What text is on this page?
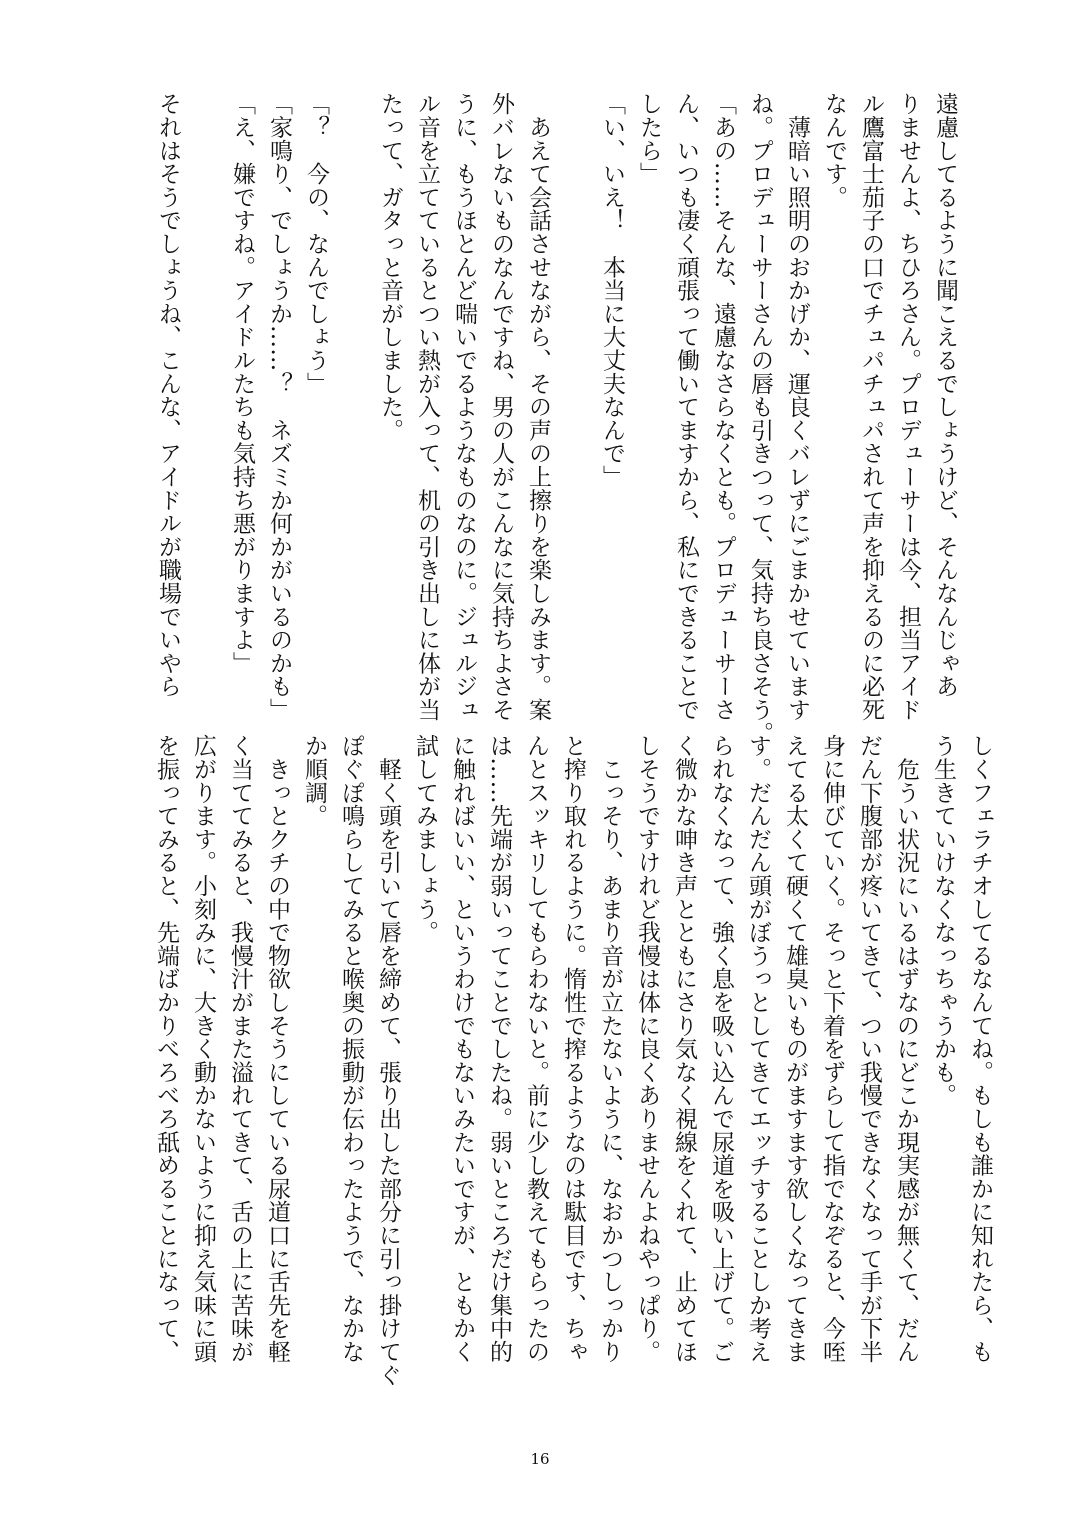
遠慮してるように聞こえるでしょうけど、そんなんじゃあ
りませんよ、ちひろさん。プロデューサーは今、担当アイド
ル鷹富士茄子の口でチュパチュパされて声を抑えるのに必死
なんです。
　薄暗い照明のおかげか、運良くバレずにごまかせています
ね。プロデューサーさんの唇も引きつって、気持ち良さそう。
「あの……そんな、遠慮なさらなくとも。プロデューサーさ
ん、いつも凄く頑張って働いてますから、私にできることで
したら」
「い、いえ！　本当に大丈夫なんで」
　あえて会話させながら、その声の上擦りを楽しみます。案
外バレないものなんですね、男の人がこんなに気持ちよさそ
うに、もうほとんど喘いでるようなものなのに。ジュルジュ
ル音を立てているとつい熱が入って、机の引き出しに体が当
たって、ガタっと音がしました。
「？　今の、なんでしょう」
「家鳴り、でしょうか……？　ネズミか何かがいるのかも」
「え、嫌ですね。アイドルたちも気持ち悪がりますよ」
それはそうでしょうね、こんな、アイドルが職場でいやら
しくフェラチオしてるなんてね。もしも誰かに知れたら、も
う生きていけなくなっちゃうかも。
　危うい状況にいるはずなのにどこか現実感が無くて、だん
だん下腹部が疼いてきて、つい我慢できなくなって手が下半
身に伸びていく。そっと下着をずらして指でなぞると、今咥
えてる太くて硬くて雄臭いものがますます欲しくなってきま
す。だんだん頭がぼうっとしてきてエッチすることしか考え
られなくなって、強く息を吸い込んで尿道を吸い上げて。ご
く微かな呻き声とともにさり気なく視線をくれて、止めてほ
しそうですけれど我慢は体に良くありませんよねやっぱり。
　こっそり、あまり音が立たないように、なおかつしっかり
と搾り取れるように。惰性で搾るようなのは駄目です、ちゃ
んとスッキリしてもらわないと。前に少し教えてもらったの
は……先端が弱いってことでしたね。弱いところだけ集中的
に触ればいい、というわけでもないみたいですが、ともかく
試してみましょう。
　軽く頭を引いて唇を締めて、張り出した部分に引っ掛けてぐ
ぽぐぽ鳴らしてみると喉奥の振動が伝わったようで、なかな
か順調。
　きっとクチの中で物欲しそうにしている尿道口に舌先を軽
く当ててみると、我慢汁がまた溢れてきて、舌の上に苦味が
広がります。小刻みに、大きく動かないように抑え気味に頭
を振ってみると、先端ばかりべろべろ舐めることになって、
16
